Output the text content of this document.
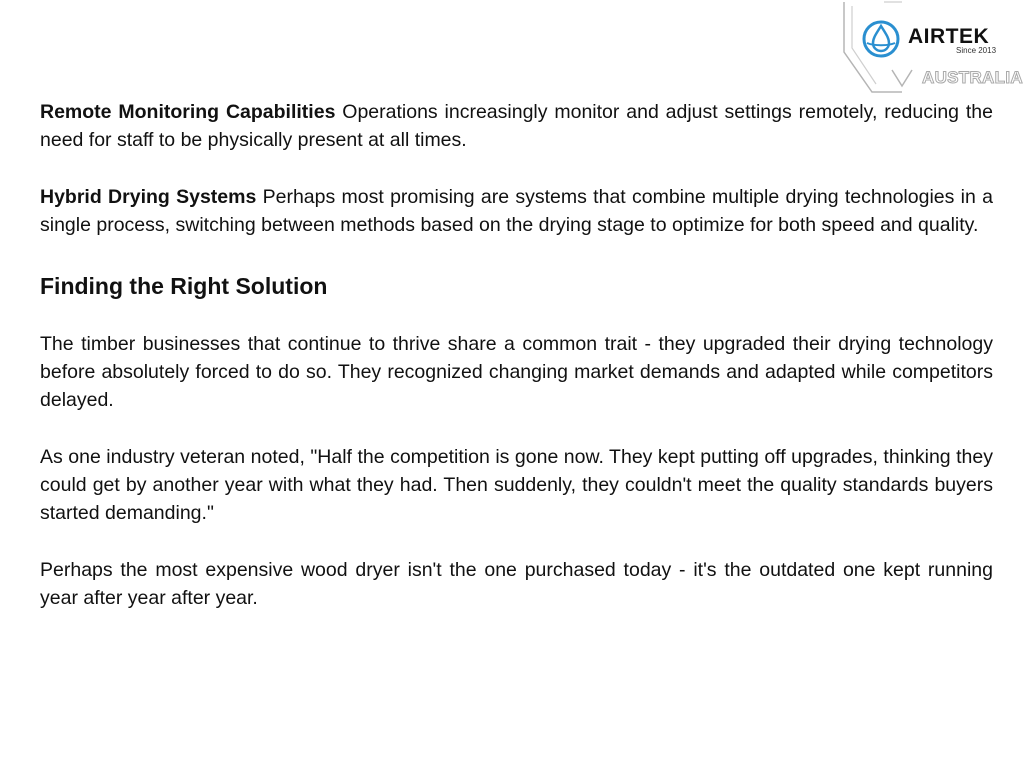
AIRTEK
Since 2013
AUSTRALIA

Remote Monitoring Capabilities Operations increasingly monitor and adjust settings remotely, reducing the need for staff to be physically present at all times.

Hybrid Drying Systems Perhaps most promising are systems that combine multiple drying technologies in a single process, switching between methods based on the drying stage to optimize for both speed and quality.

Finding the Right Solution

The timber businesses that continue to thrive share a common trait - they upgraded their drying technology before absolutely forced to do so. They recognized changing market demands and adapted while competitors delayed.

As one industry veteran noted, "Half the competition is gone now. They kept putting off upgrades, thinking they could get by another year with what they had. Then suddenly, they couldn't meet the quality standards buyers started demanding."

Perhaps the most expensive wood dryer isn't the one purchased today - it's the outdated one kept running year after year after year.
